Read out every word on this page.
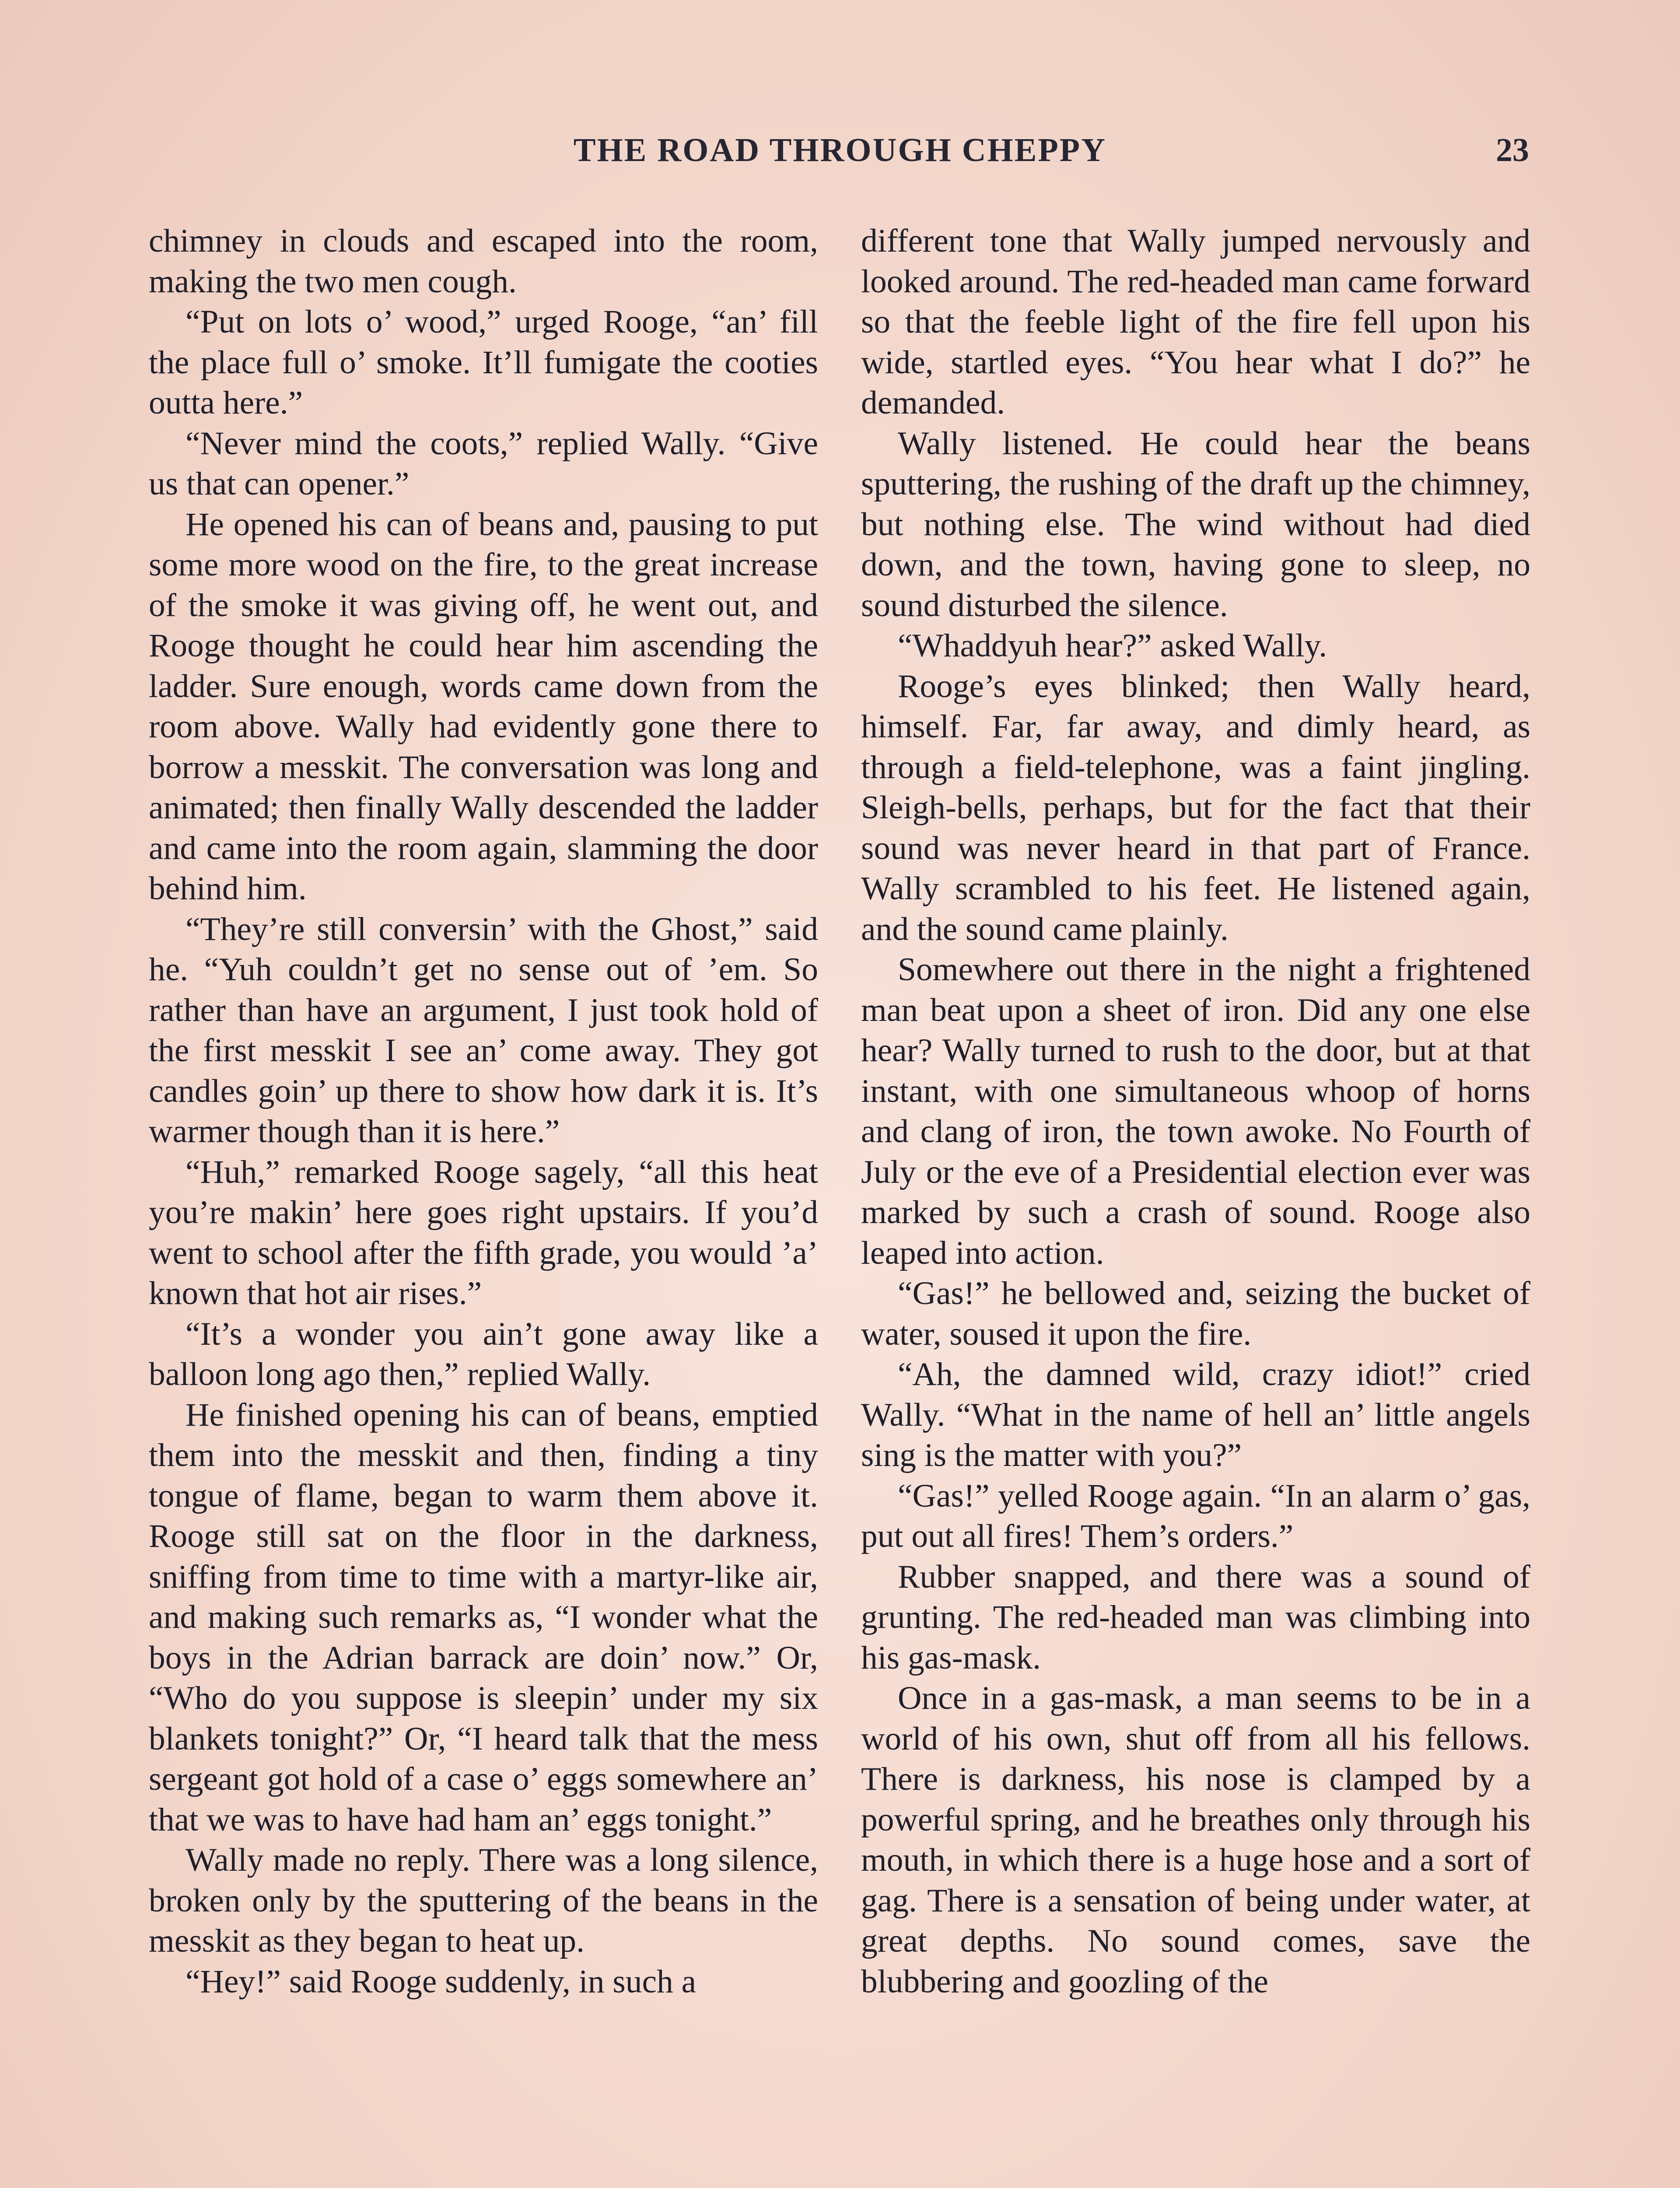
THE ROAD THROUGH CHEPPY	23

chimney in clouds and escaped into the room, making the two men cough.

“Put on lots o’ wood,” urged Rooge, “an’ fill the place full o’ smoke. It’ll fumigate the cooties outta here.”

“Never mind the coots,” replied Wally. “Give us that can opener.”

He opened his can of beans and, pausing to put some more wood on the fire, to the great increase of the smoke it was giving off, he went out, and Rooge thought he could hear him ascending the ladder. Sure enough, words came down from the room above. Wally had evidently gone there to borrow a messkit. The conversation was long and animated; then finally Wally descended the ladder and came into the room again, slamming the door behind him.

“They’re still conversin’ with the Ghost,” said he. “Yuh couldn’t get no sense out of ’em. So rather than have an argument, I just took hold of the first messkit I see an’ come away. They got candles goin’ up there to show how dark it is. It’s warmer though than it is here.”

“Huh,” remarked Rooge sagely, “all this heat you’re makin’ here goes right upstairs. If you’d went to school after the fifth grade, you would ’a’ known that hot air rises.”

“It’s a wonder you ain’t gone away like a balloon long ago then,” replied Wally.

He finished opening his can of beans, emptied them into the messkit and then, finding a tiny tongue of flame, began to warm them above it. Rooge still sat on the floor in the darkness, sniffing from time to time with a martyr-like air, and making such remarks as, “I wonder what the boys in the Adrian barrack are doin’ now.” Or, “Who do you suppose is sleepin’ under my six blankets tonight?” Or, “I heard talk that the mess sergeant got hold of a case o’ eggs somewhere an’ that we was to have had ham an’ eggs tonight.”

Wally made no reply. There was a long silence, broken only by the sputtering of the beans in the messkit as they began to heat up.

“Hey!” said Rooge suddenly, in such a

different tone that Wally jumped nervously and looked around. The red-headed man came forward so that the feeble light of the fire fell upon his wide, startled eyes. “You hear what I do?” he demanded.

Wally listened. He could hear the beans sputtering, the rushing of the draft up the chimney, but nothing else. The wind without had died down, and the town, having gone to sleep, no sound disturbed the silence.

“Whaddyuh hear?” asked Wally.

Rooge’s eyes blinked; then Wally heard, himself. Far, far away, and dimly heard, as through a field-telephone, was a faint jingling. Sleigh-bells, perhaps, but for the fact that their sound was never heard in that part of France. Wally scrambled to his feet. He listened again, and the sound came plainly.

Somewhere out there in the night a frightened man beat upon a sheet of iron. Did any one else hear? Wally turned to rush to the door, but at that instant, with one simultaneous whoop of horns and clang of iron, the town awoke. No Fourth of July or the eve of a Presidential election ever was marked by such a crash of sound. Rooge also leaped into action.

“Gas!” he bellowed and, seizing the bucket of water, soused it upon the fire.

“Ah, the damned wild, crazy idiot!” cried Wally. “What in the name of hell an’ little angels sing is the matter with you?”

“Gas!” yelled Rooge again. “In an alarm o’ gas, put out all fires! Them’s orders.”

Rubber snapped, and there was a sound of grunting. The red-headed man was climbing into his gas-mask.

Once in a gas-mask, a man seems to be in a world of his own, shut off from all his fellows. There is darkness, his nose is clamped by a powerful spring, and he breathes only through his mouth, in which there is a huge hose and a sort of gag. There is a sensation of being under water, at great depths. No sound comes, save the blubbering and goozling of the
